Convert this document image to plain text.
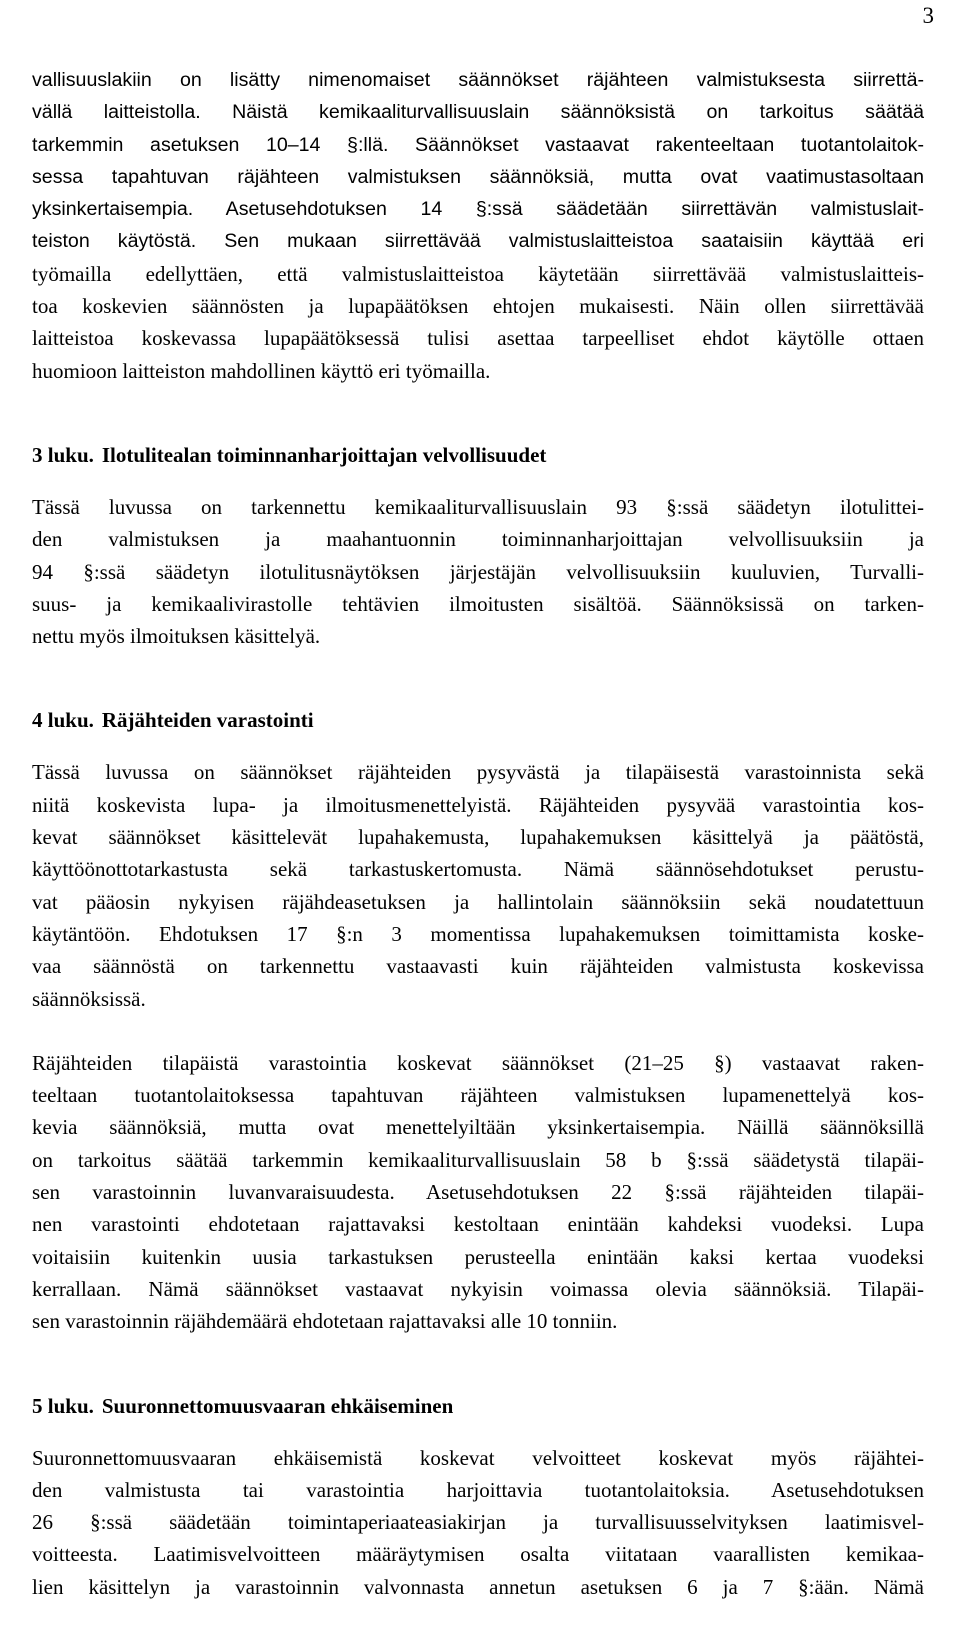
3
vallisuuslakiin on lisätty nimenomaiset säännökset räjähteen valmistuksesta siirrettä-
vällä laitteistolla. Näistä kemikaaliturvallisuuslain säännöksistä on tarkoitus säätää
tarkemmin asetuksen 10–14 §:llä. Säännökset vastaavat rakenteeltaan tuotantolaitok-
sessa tapahtuvan räjähteen valmistuksen säännöksiä, mutta ovat vaatimustasoltaan
yksinkertaisempia. Asetusehdotuksen 14 §:ssä säädetään siirrettävän valmistuslait-
teiston käytöstä. Sen mukaan siirrettävää valmistuslaitteistoa saataisiin käyttää eri
työmailla edellyttäen, että valmistuslaitteistoa käytetään siirrettävää valmistuslaitteis-
toa koskevien säännösten ja lupapäätöksen ehtojen mukaisesti. Näin ollen siirrettävää
laitteistoa koskevassa lupapäätöksessä tulisi asettaa tarpeelliset ehdot käytölle ottaen
huomioon laitteiston mahdollinen käyttö eri työmailla.
3 luku. Ilotulitealan toiminnanharjoittajan velvollisuudet
Tässä luvussa on tarkennettu kemikaaliturvallisuuslain 93 §:ssä säädetyn ilotulittei-
den valmistuksen ja maahantuonnin toiminnanharjoittajan velvollisuuksiin ja
94 §:ssä säädetyn ilotulitusnäytöksen järjestäjän velvollisuuksiin kuuluvien, Turvalli-
suus- ja kemikaalivirastolle tehtävien ilmoitusten sisältöä. Säännöksissä on tarken-
nettu myös ilmoituksen käsittelyä.
4 luku. Räjähteiden varastointi
Tässä luvussa on säännökset räjähteiden pysyvästä ja tilapäisestä varastoinnista sekä
niitä koskevista lupa- ja ilmoitusmenettelyistä. Räjähteiden pysyvää varastointia kos-
kevat säännökset käsittelevät lupahakemusta, lupahakemuksen käsittelyä ja päätöstä,
käyttöönottotarkastusta sekä tarkastuskertomusta. Nämä säännösehdotukset perustu-
vat pääosin nykyisen räjähdeasetuksen ja hallintolain säännöksiin sekä noudatettuun
käytäntöön. Ehdotuksen 17 §:n 3 momentissa lupahakemuksen toimittamista koske-
vaa säännöstä on tarkennettu vastaavasti kuin räjähteiden valmistusta koskevissa
säännöksissä.
Räjähteiden tilapäistä varastointia koskevat säännökset (21–25 §) vastaavat raken-
teeltaan tuotantolaitoksessa tapahtuvan räjähteen valmistuksen lupamenettelyä kos-
kevia säännöksiä, mutta ovat menettelyiltään yksinkertaisempia. Näillä säännöksillä
on tarkoitus säätää tarkemmin kemikaaliturvallisuuslain 58 b §:ssä säädetystä tilapäi-
sen varastoinnin luvanvaraisuudesta. Asetusehdotuksen 22 §:ssä räjähteiden tilapäi-
nen varastointi ehdotetaan rajattavaksi kestoltaan enintään kahdeksi vuodeksi. Lupa
voitaisiin kuitenkin uusia tarkastuksen perusteella enintään kaksi kertaa vuodeksi
kerrallaan. Nämä säännökset vastaavat nykyisin voimassa olevia säännöksiä. Tilapäi-
sen varastoinnin räjähdemäärä ehdotetaan rajattavaksi alle 10 tonniin.
5 luku. Suuronnettomuusvaaran ehkäiseminen
Suuronnettomuusvaaran ehkäisemistä koskevat velvoitteet koskevat myös räjähtei-
den valmistusta tai varastointia harjoittavia tuotantolaitoksia. Asetusehdotuksen
26 §:ssä säädetään toimintaperiaateasiakirjan ja turvallisuusselvityksen laatimisvel-
voitteesta. Laatimisvelvoitteen määräytymisen osalta viitataan vaarallisten kemikaa-
lien käsittelyn ja varastoinnin valvonnasta annetun asetuksen 6 ja 7 §:ään. Nämä
